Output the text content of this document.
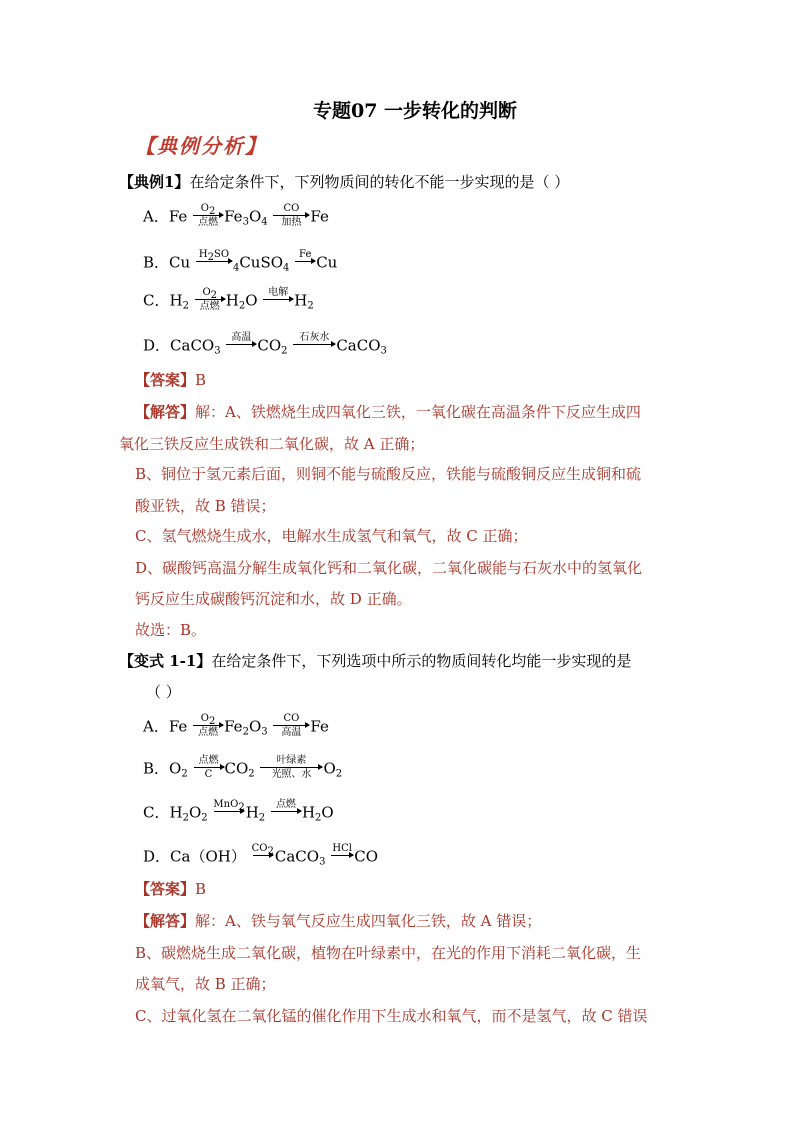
专题07 一步转化的判断
【典例分析】
【典例1】在给定条件下，下列物质间的转化不能一步实现的是（ ）
A．Fe $O_2$
点燃 $Fe_3O_4$
CO
加热 Fe
B．Cu $H_2SO$

$_4$CuSO$_4$
Fe
Cu
C．$H_2$
$O_2$
点燃 $H_2O$ 电解
$H_2$
D．CaCO$_3$
高温
$CO_2$
石灰水
CaCO$_3$
【答案】B
【解答】解：A、铁燃烧生成四氧化三铁，一氧化碳在高温条件下反应生成四
氧化三铁反应生成铁和二氧化碳，故 A 正确；
B、铜位于氢元素后面，则铜不能与硫酸反应，铁能与硫酸铜反应生成铜和硫
酸亚铁，故 B 错误；
C、氢气燃烧生成水，电解水生成氢气和氧气，故 C 正确；
D、碳酸钙高温分解生成氧化钙和二氧化碳，二氧化碳能与石灰水中的氢氧化
钙反应生成碳酸钙沉淀和水，故 D 正确。
故选：B。
【变式 1-1】在给定条件下，下列选项中所示的物质间转化均能一步实现的是
（ ）
A．Fe $O_2$
点燃 $Fe_2O_3$
CO
高温 Fe
B．$O_2$
点燃
C $CO_2$
叶绿素
光照、水 $O_2$
C．$H_2O_2$
MnO$_2$
$H_2$
点燃
$H_2O$
D．Ca（OH） $CO_2$
CaCO$_3$
HCl
CO
【答案】B
【解答】解：A、铁与氧气反应生成四氧化三铁，故 A 错误；
B、碳燃烧生成二氧化碳，植物在叶绿素中，在光的作用下消耗二氧化碳，生
成氧气，故 B 正确；
C、过氧化氢在二氧化锰的催化作用下生成水和氧气，而不是氢气，故 C 错误
